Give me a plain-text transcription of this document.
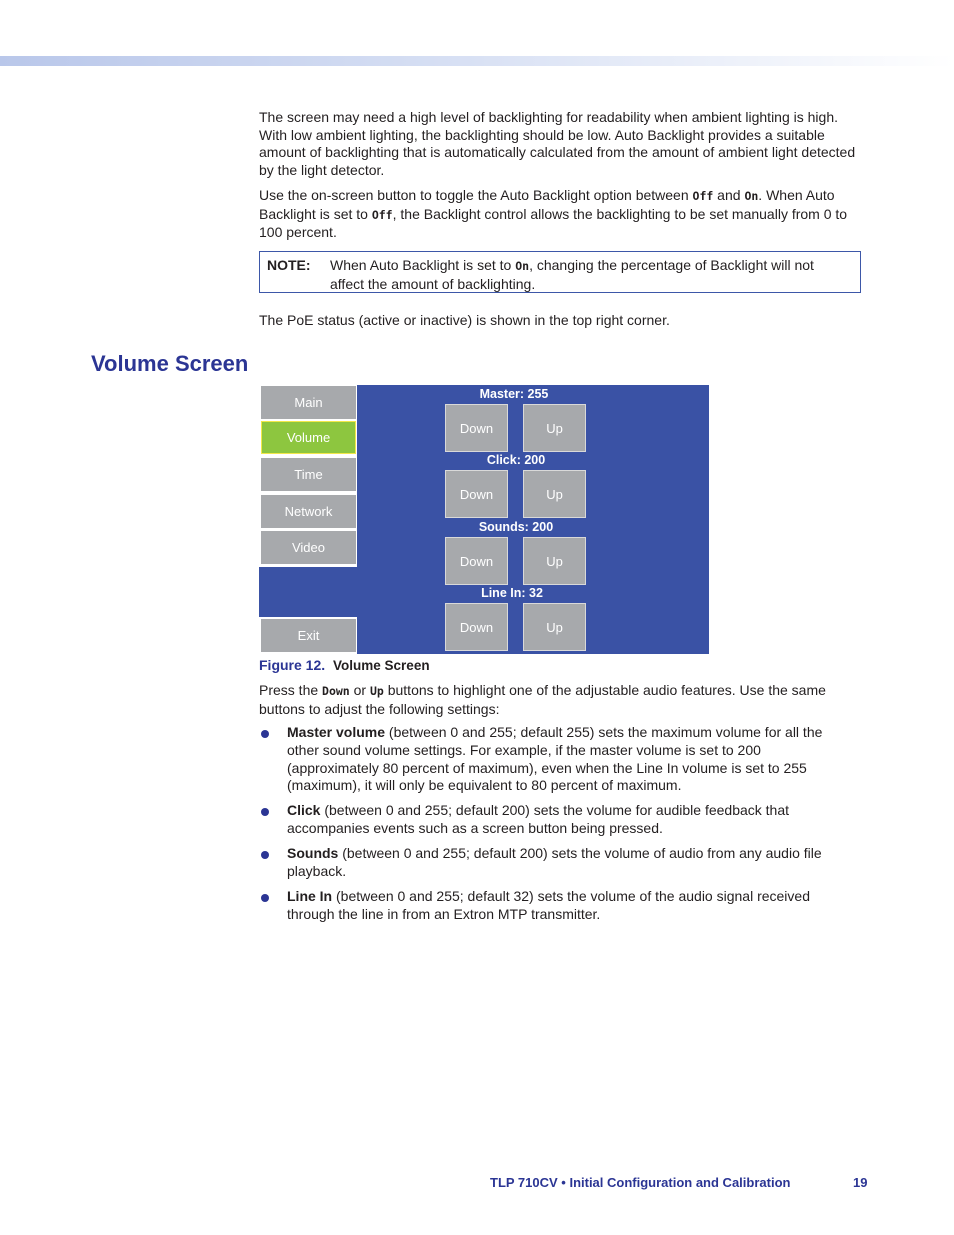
The screen may need a high level of backlighting for readability when ambient lighting is high. With low ambient lighting, the backlighting should be low. Auto Backlight provides a suitable amount of backlighting that is automatically calculated from the amount of ambient light detected by the light detector.

Use the on-screen button to toggle the Auto Backlight option between Off and On. When Auto Backlight is set to Off, the Backlight control allows the backlighting to be set manually from 0 to 100 percent.

NOTE: When Auto Backlight is set to On, changing the percentage of Backlight will not affect the amount of backlighting.

The PoE status (active or inactive) is shown in the top right corner.

Volume Screen
Main
Volume
Time
Network
Video
Exit
Master: 255
Down	Up
Click: 200
Down	Up
Sounds: 200
Down	Up
Line In: 32
Down	Up
Figure 12. Volume Screen

Press the Down or Up buttons to highlight one of the adjustable audio features. Use the same buttons to adjust the following settings:

Master volume (between 0 and 255; default 255) sets the maximum volume for all the other sound volume settings. For example, if the master volume is set to 200 (approximately 80 percent of maximum), even when the Line In volume is set to 255 (maximum), it will only be equivalent to 80 percent of maximum.

Click (between 0 and 255; default 200) sets the volume for audible feedback that accompanies events such as a screen button being pressed.

Sounds (between 0 and 255; default 200) sets the volume of audio from any audio file playback.

Line In (between 0 and 255; default 32) sets the volume of the audio signal received through the line in from an Extron MTP transmitter.

TLP 710CV • Initial Configuration and Calibration	19
